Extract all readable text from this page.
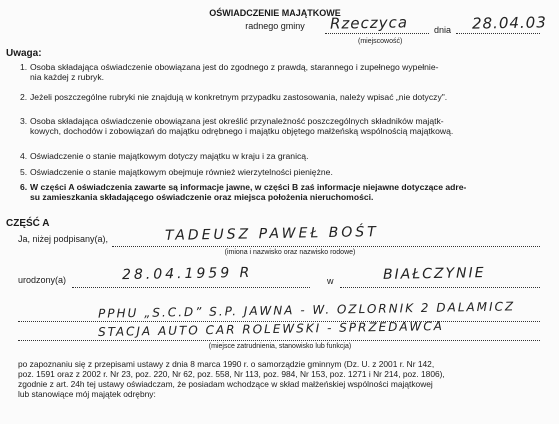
OŚWIADCZENIE MAJĄTKOWE
radnego gminy	Rzeczyca
(miejscowość)
dnia 28.04.03
Uwaga:
1. Osoba składająca oświadczenie obowiązana jest do zgodnego z prawdą, starannego i zupełnego wypełnie-
nia każdej z rubryk.
2. Jeżeli poszczególne rubryki nie znajdują w konkretnym przypadku zastosowania, należy wpisać „nie dotyczy".
3. Osoba składająca oświadczenie obowiązana jest określić przynależność poszczególnych składników majątk-
kowych, dochodów i zobowiązań do majątku odrębnego i majątku objętego małżeńską wspólnością majątkową.
4. Oświadczenie o stanie majątkowym dotyczy majątku w kraju i za granicą.
5. Oświadczenie o stanie majątkowym obejmuje również wierzytelności pieniężne.
6. W części A oświadczenia zawarte są informacje jawne, w części B zaś informacje niejawne dotyczące adre-
su zamieszkania składającego oświadczenie oraz miejsca położenia nieruchomości.
CZĘŚĆ A
Ja, niżej podpisany(a),	TADEUSZ PAWEŁ BOŚT
(imiona i nazwisko oraz nazwisko rodowe)
urodzony(a)	28.04.1959 R	w	BIAŁCZYNIE
PPHU „S.C.D” S.P. JAWNA - W. OZLORNIK 2 DALAMICZ
STACJA AUTO CAR ROLEWSKI - SPRZEDAWCA
(miejsce zatrudnienia, stanowisko lub funkcja)
po zapoznaniu się z przepisami ustawy z dnia 8 marca 1990 r. o samorządzie gminnym (Dz. U. z 2001 r. Nr 142,
poz. 1591 oraz z 2002 r. Nr 23, poz. 220, Nr 62, poz. 558, Nr 113, poz. 984, Nr 153, poz. 1271 i Nr 214, poz. 1806),
zgodnie z art. 24h tej ustawy oświadczam, że posiadam wchodzące w skład małżeńskiej wspólności majątkowej
lub stanowiące mój majątek odrębny:
